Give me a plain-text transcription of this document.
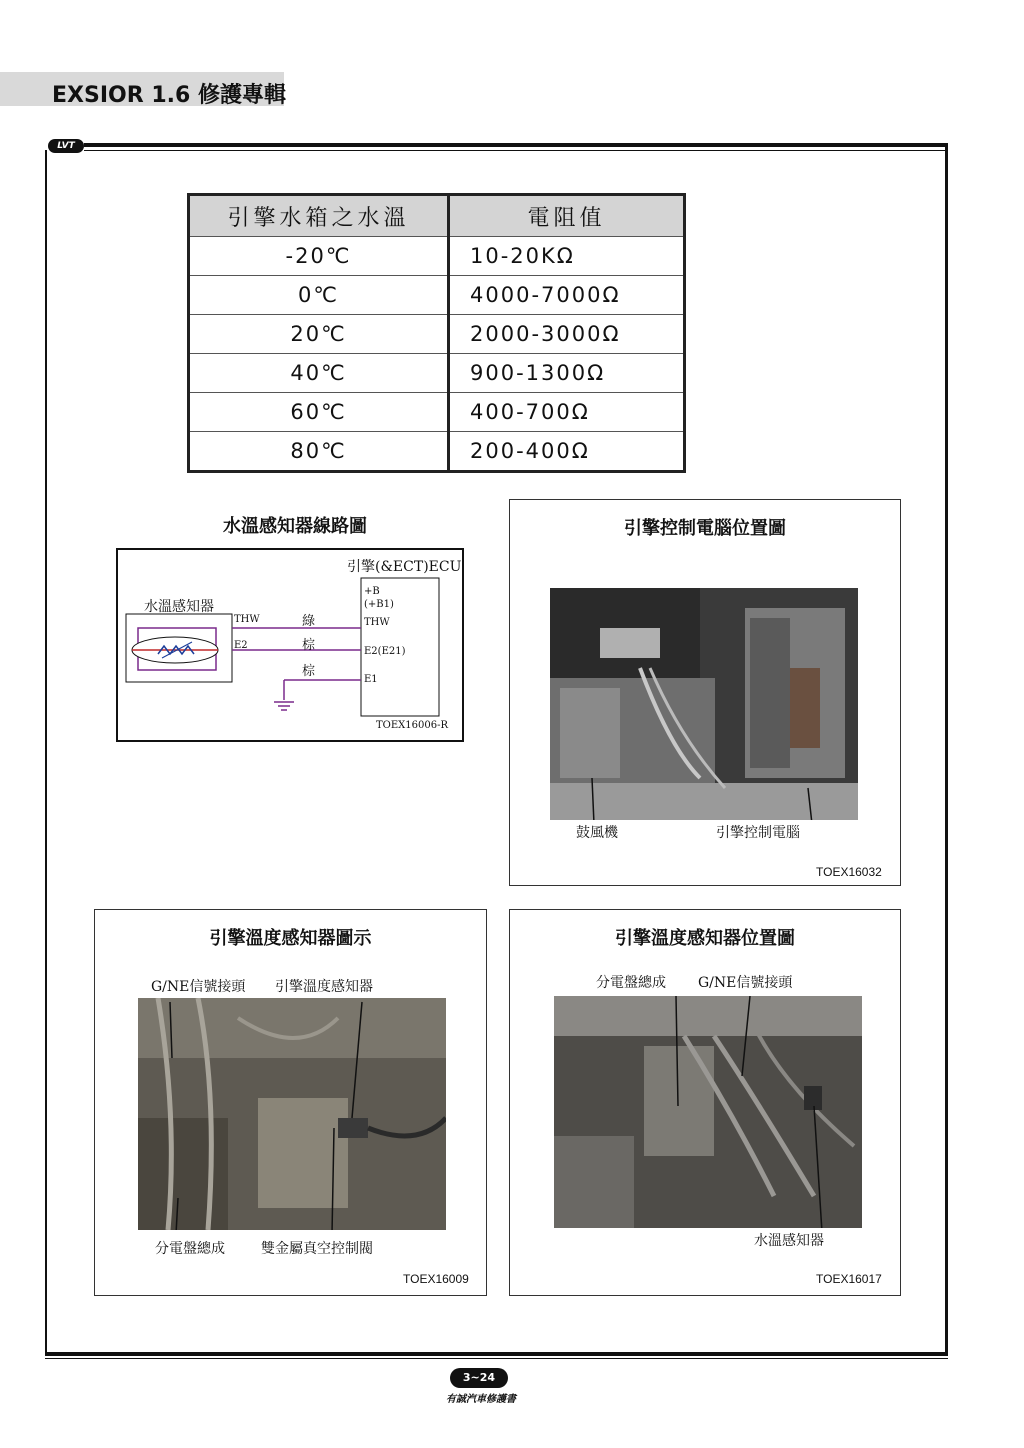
EXSIOR 1.6 修護專輯
LVT
引擎水箱之水溫	電阻值
-20℃	10-20KΩ
0℃	4000-7000Ω
20℃	2000-3000Ω
40℃	900-1300Ω
60℃	400-700Ω
80℃	200-400Ω
水溫感知器線路圖
引擎(&ECT)ECU
水溫感知器
+B
(+B1)
THW
E2(E21)
E1
THW
E2
綠
棕
棕
TOEX16006-R
引擎控制電腦位置圖
鼓風機	引擎控制電腦
TOEX16032
引擎溫度感知器圖示
G/NE信號接頭 引擎溫度感知器
分電盤總成	雙金屬真空控制閥
TOEX16009
引擎溫度感知器位置圖
分電盤總成 G/NE信號接頭
水溫感知器
TOEX16017
3~24
有誠汽車修護書
